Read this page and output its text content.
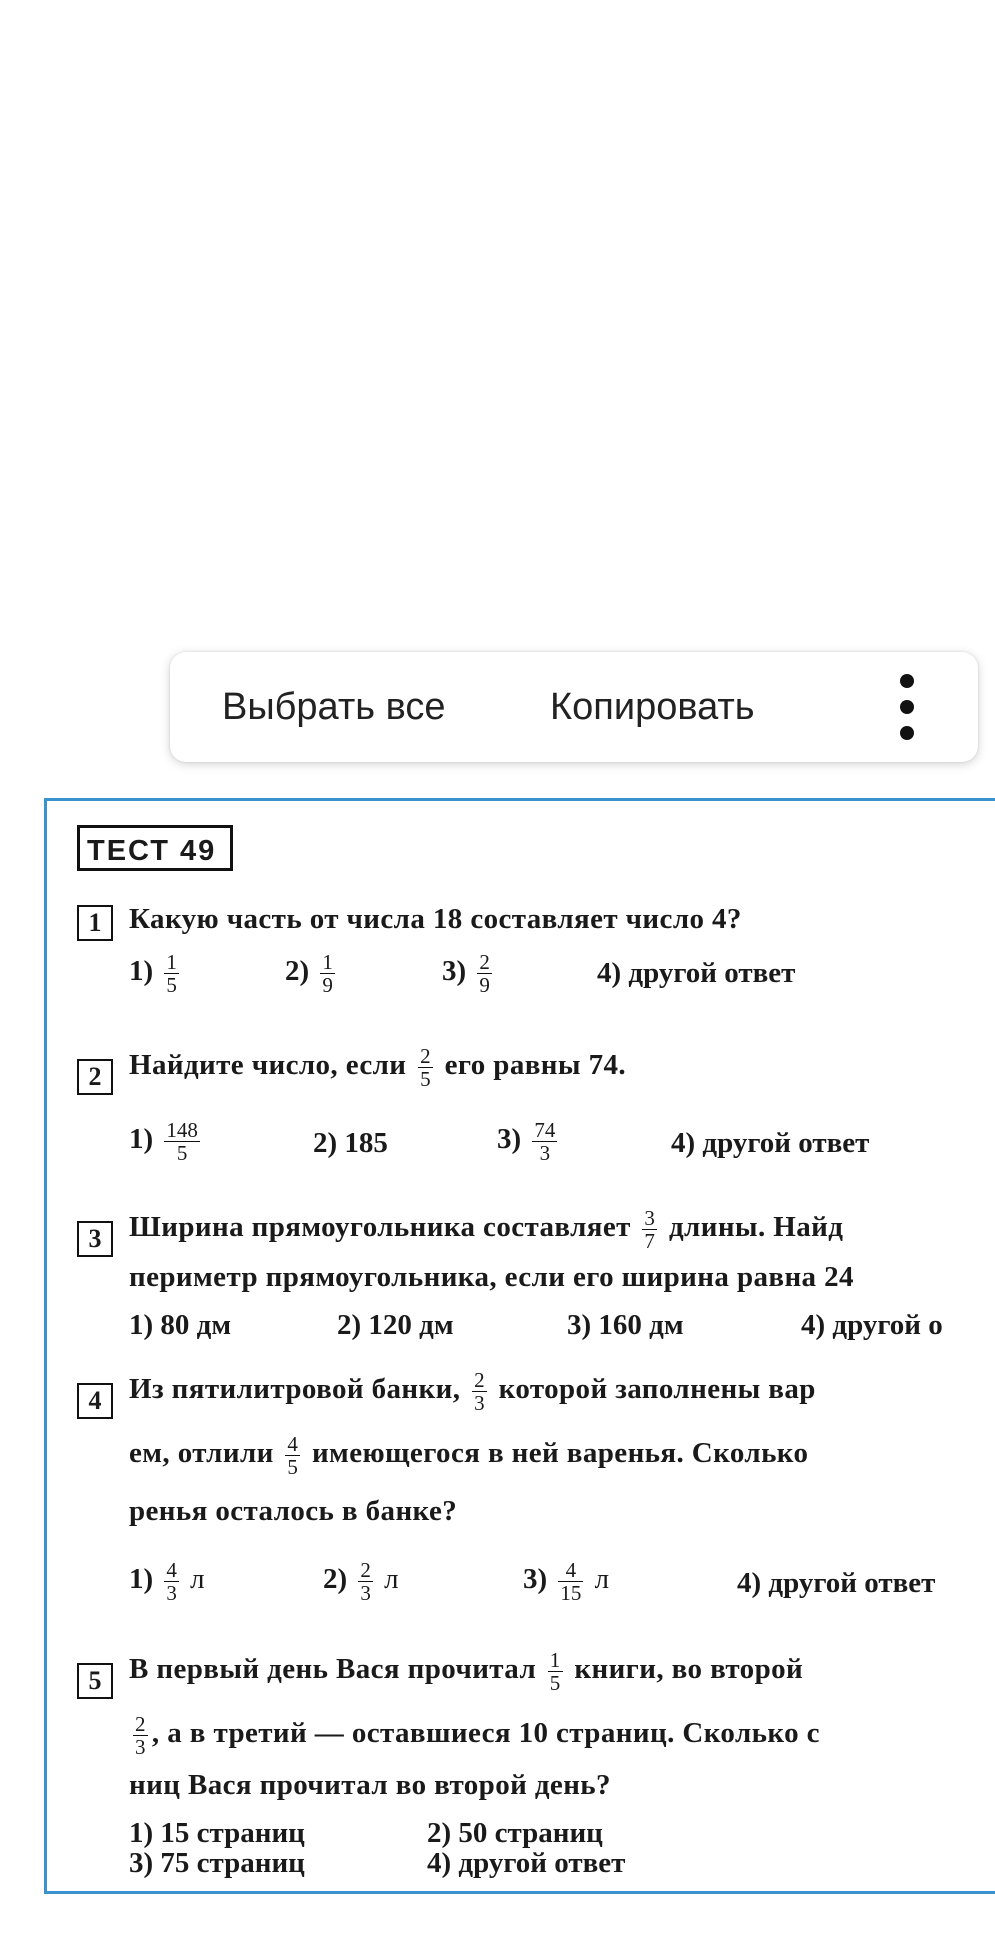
Выбрать все	Копировать
ТЕСТ 49
1 Какую часть от числа 18 составляет число 4?
$1) \frac{1}{5}$	$2) \frac{1}{9}$	$3) \frac{2}{9}$	4) другой ответ
2 Найдите число, если $\frac{2}{5}$ его равны 74.
$1) \frac{148}{5}$	2) 185	$3) \frac{74}{3}$	4) другой ответ
3 Ширина прямоугольника составляет $\frac{3}{7}$ длины. Найд
периметр прямоугольника, если его ширина равна 24
1) 80 дм	2) 120 дм	3) 160 дм	4) другой о
4 Из пятилитровой банки, $\frac{2}{3}$ которой заполнены вар
ем, отлили $\frac{4}{5}$ имеющегося в ней варенья. Сколько
ренья осталось в банке?
$1) \frac{4}{3}$ л	$2) \frac{2}{3}$ л	$3) \frac{4}{15}$ л	4) другой ответ
5 В первый день Вася прочитал $\frac{1}{5}$ книги, во второй
$\frac{2}{3}$ , а в третий — оставшиеся 10 страниц. Сколько с
ниц Вася прочитал во второй день?
1) 15 страниц	2) 50 страниц
3) 75 страниц	4) другой ответ
